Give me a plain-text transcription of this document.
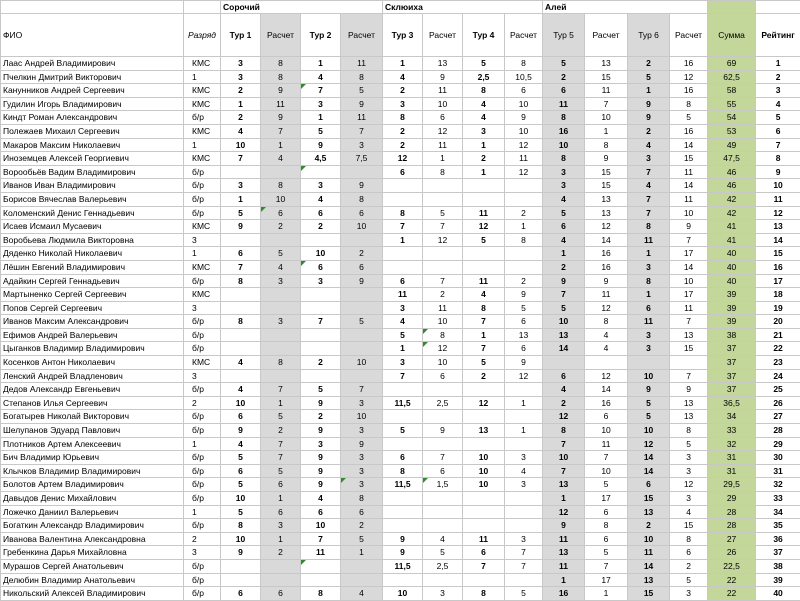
		Сорочий				Склюиха				Алей					
ФИО	Разряд	Тур 1	Расчет	Тур 2	Расчет	Тур 3	Расчет	Тур 4	Расчет	Тур 5	Расчет	Тур 6	Расчет	Сумма	Рейтинг
Лаас Андрей Владимирович	КМС	3	8	1	11	1	13	5	8	5	13	2	16	69	1
Пчелкин Дмитрий Викторович	1	3	8	4	8	4	9	2,5	10,5	2	15	5	12	62,5	2
Канунников Андрей Сергеевич	КМС	2	9	7	5	2	11	8	6	6	11	1	16	58	3
Гудилин Игорь Владимирович	КМС	1	11	3	9	3	10	4	10	11	7	9	8	55	4
Киндт Роман Александрович	б/р	2	9	1	11	8	6	4	9	8	10	9	5	54	5
Полежаев Михаил Сергеевич	КМС	4	7	5	7	2	12	3	10	16	1	2	16	53	6
Макаров Максим Николаевич	1	10	1	9	3	2	11	1	12	10	8	4	14	49	7
Иноземцев Алексей Георгиевич	КМС	7	4	4,5	7,5	12	1	2	11	8	9	3	15	47,5	8
Ворообьёв Вадим Владимирович	б/р					6	8	1	12	3	15	7	11	46	9
Иванов Иван Владимирович	б/р	3	8	3	9					3	15	4	14	46	10
Борисов Вячеслав Валерьевич	б/р	1	10	4	8					4	13	7	11	42	11
Коломенский Денис Геннадьевич	б/р	5	6	6	6	8	5	11	2	5	13	7	10	42	12
Исаев Исмаил Мусаевич	КМС	9	2	2	10	7	7	12	1	6	12	8	9	41	13
Воробьева Людмила Викторовна	3					1	12	5	8	4	14	11	7	41	14
Дяденко Николай Николаевич	1	6	5	10	2					1	16	1	17	40	15
Лёшин Евгений Владимирович	КМС	7	4	6	6					2	16	3	14	40	16
Адайкин Сергей Геннадьевич	б/р	8	3	3	9	6	7	11	2	9	9	8	10	40	17
Мартыненко Сергей Сергеевич	КМС					11	2	4	9	7	11	1	17	39	18
Попов Сергей Сергеевич	3					3	11	8	5	5	12	6	11	39	19
Иванов Максим Александрович	б/р	8	3	7	5	4	10	7	6	10	8	11	7	39	20
Ефимов Андрей Валерьевич	б/р					5	8	1	13	13	4	3	13	38	21
Цыганков Владимир Владимирович	б/р					1	12	7	6	14	4	3	15	37	22
Косенков Антон Николаевич	КМС	4	8	2	10	3	10	5	9					37	23
Ленский Андрей Владленович	3					7	6	2	12	6	12	10	7	37	24
Дедов Александр Евгеньевич	б/р	4	7	5	7					4	14	9	9	37	25
Степанов Илья Сергеевич	2	10	1	9	3	11,5	2,5	12	1	2	16	5	13	36,5	26
Богатырев Николай Викторович	б/р	6	5	2	10					12	6	5	13	34	27
Шелупанов Эдуард Павлович	б/р	9	2	9	3	5	9	13	1	8	10	10	8	33	28
Плотников Артем Алексеевич	1	4	7	3	9					7	11	12	5	32	29
Бич Владимир Юрьевич	б/р	5	7	9	3	6	7	10	3	10	7	14	3	31	30
Клычков Владимир Владимирович	б/р	6	5	9	3	8	6	10	4	7	10	14	3	31	31
Болотов Артем Владимирович	б/р	5	6	9	3	11,5	1,5	10	3	13	5	6	12	29,5	32
Давыдов Денис Михайлович	б/р	10	1	4	8					1	17	15	3	29	33
Ложечко Даниил Валерьевич	1	5	6	6	6					12	6	13	4	28	34
Богаткин Александр Владимирович	б/р	8	3	10	2					9	8	2	15	28	35
Иванова Валентина Александровна	2	10	1	7	5	9	4	11	3	11	6	10	8	27	36
Гребенкина Дарья Михайловна	3	9	2	11	1	9	5	6	7	13	5	11	6	26	37
Мурашов Сергей Анатольевич	б/р					11,5	2,5	7	7	11	7	14	2	22,5	38
Делюбин Владимир Анатольевич	б/р									1	17	13	5	22	39
Никольский Алексей Владимирович	б/р	6	6	8	4	10	3	8	5	16	1	15	3	22	40
